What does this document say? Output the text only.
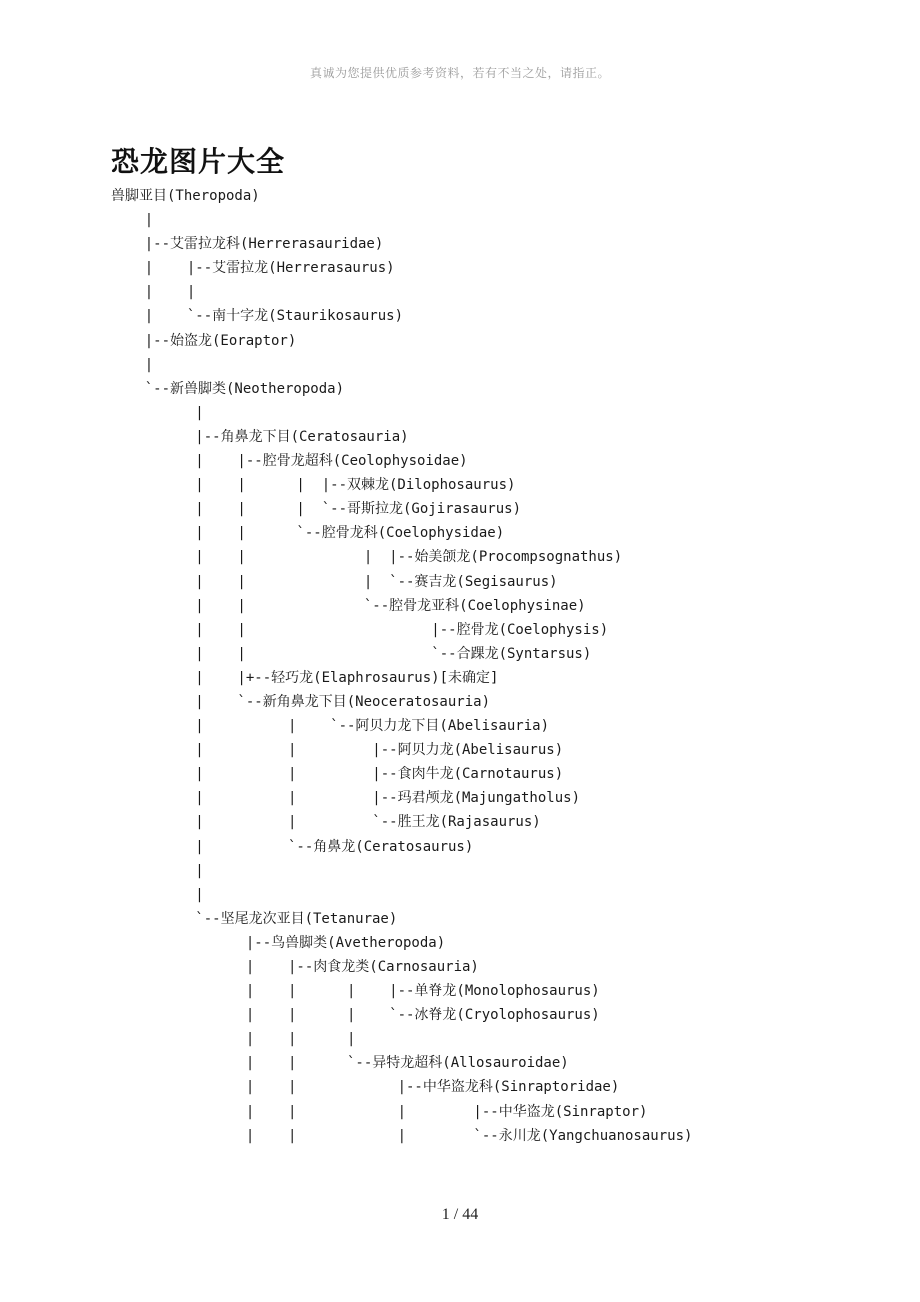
真诚为您提供优质参考资料，若有不当之处，请指正。
恐龙图片大全
兽脚亚目(Theropoda)
|
|--艾雷拉龙科(Herrerasauridae)
|    |--艾雷拉龙(Herrerasaurus)
|    |
|    `--南十字龙(Staurikosaurus)
|--始盗龙(Eoraptor)
|
`--新兽脚类(Neotheropoda)
|
|--角鼻龙下目(Ceratosauria)
|    |--腔骨龙超科(Ceolophysoidae)
|    |      |  |--双棘龙(Dilophosaurus)
|    |      |  `--哥斯拉龙(Gojirasaurus)
|    |      `--腔骨龙科(Coelophysidae)
|    |              |  |--始美颌龙(Procompsognathus)
|    |              |  `--赛吉龙(Segisaurus)
|    |              `--腔骨龙亚科(Coelophysinae)
|    |                      |--腔骨龙(Coelophysis)
|    |                      `--合踝龙(Syntarsus)
|    |+--轻巧龙(Elaphrosaurus)[未确定]
|    `--新角鼻龙下目(Neoceratosauria)
|          |    `--阿贝力龙下目(Abelisauria)
|          |         |--阿贝力龙(Abelisaurus)
|          |         |--食肉牛龙(Carnotaurus)
|          |         |--玛君颅龙(Majungatholus)
|          |         `--胜王龙(Rajasaurus)
|          `--角鼻龙(Ceratosaurus)
|
|
`--坚尾龙次亚目(Tetanurae)
|--鸟兽脚类(Avetheropoda)
|    |--肉食龙类(Carnosauria)
|    |      |    |--单脊龙(Monolophosaurus)
|    |      |    `--冰脊龙(Cryolophosaurus)
|    |      |
|    |      `--异特龙超科(Allosauroidae)
|    |            |--中华盗龙科(Sinraptoridae)
|    |            |        |--中华盗龙(Sinraptor)
|    |            |        `--永川龙(Yangchuanosaurus)
1 / 44
